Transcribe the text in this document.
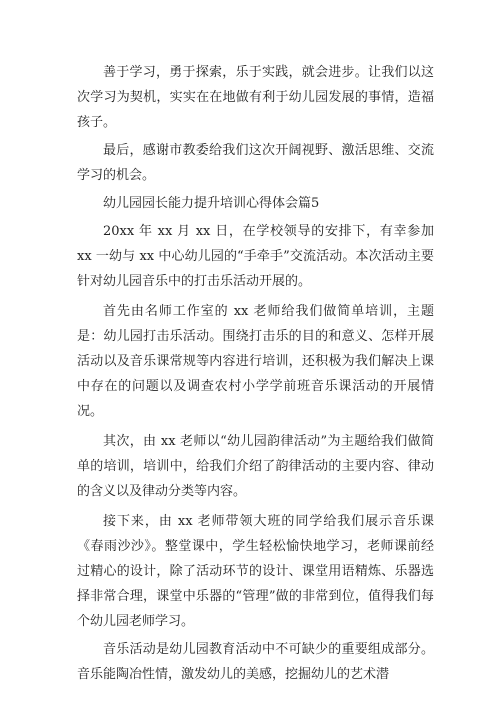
善于学习，勇于探索，乐于实践，就会进步。让我们以这次学习为契机，实实在在地做有利于幼儿园发展的事情，造福孩子。

最后，感谢市教委给我们这次开阔视野、激活思维、交流学习的机会。

幼儿园园长能力提升培训心得体会篇5

20xx 年 xx 月 xx 日，在学校领导的安排下，有幸参加 xx 一幼与 xx 中心幼儿园的“手牵手”交流活动。本次活动主要针对幼儿园音乐中的打击乐活动开展的。

首先由名师工作室的 xx 老师给我们做简单培训，主题是：幼儿园打击乐活动。围绕打击乐的目的和意义、怎样开展活动以及音乐课常规等内容进行培训，还积极为我们解决上课中存在的问题以及调查农村小学学前班音乐课活动的开展情况。

其次，由 xx 老师以“幼儿园韵律活动”为主题给我们做简单的培训，培训中，给我们介绍了韵律活动的主要内容、律动的含义以及律动分类等内容。

接下来，由 xx 老师带领大班的同学给我们展示音乐课《春雨沙沙》。整堂课中，学生轻松愉快地学习，老师课前经过精心的设计，除了活动环节的设计、课堂用语精炼、乐器选择非常合理，课堂中乐器的“管理”做的非常到位，值得我们每个幼儿园老师学习。

音乐活动是幼儿园教育活动中不可缺少的重要组成部分。音乐能陶冶性情，激发幼儿的美感，挖掘幼儿的艺术潜
